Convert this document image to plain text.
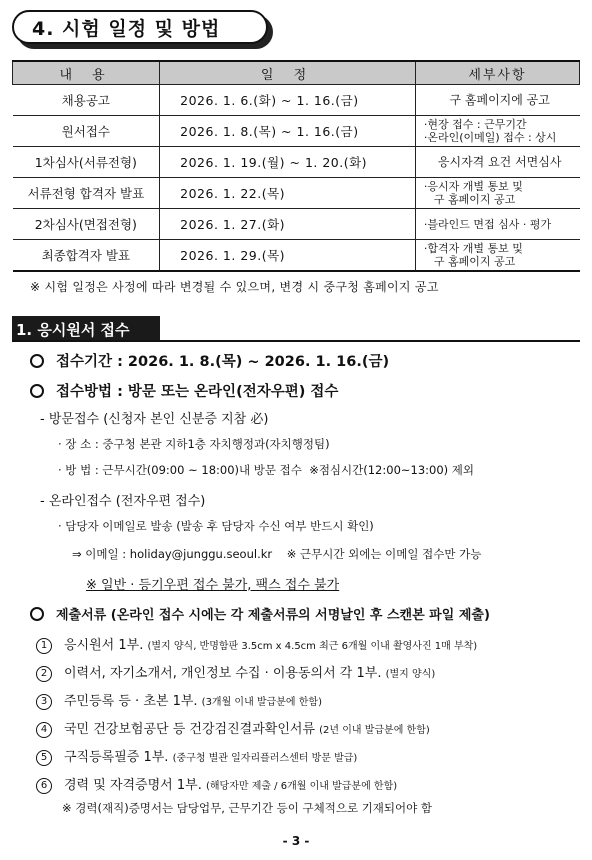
4. 시험 일정 및 방법
내 용	일 정	세부사항
채용공고	2026. 1. 6.(화) ~ 1. 16.(금)	구 홈페이지에 공고
원서접수	2026. 1. 8.(목) ~ 1. 16.(금)	·현장 접수 : 근무기간
·온라인(이메일) 접수 : 상시

1차심사(서류전형)	2026. 1. 19.(월) ~ 1. 20.(화)	응시자격 요건 서면심사
서류전형 합격자 발표	2026. 1. 22.(목)	·응시자 개별 통보 및
구 홈페이지 공고

2차심사(면접전형)	2026. 1. 27.(화)	·블라인드 면접 심사 · 평가

최종합격자 발표	2026. 1. 29.(목)	·합격자 개별 통보 및
구 홈페이지 공고
※ 시험 일정은 사정에 따라 변경될 수 있으며, 변경 시 중구청 홈페이지 공고
1. 응시원서 접수
접수기간 : 2026. 1. 8.(목) ~ 2026. 1. 16.(금)
접수방법 : 방문 또는 온라인(전자우편) 접수
- 방문접수 (신청자 본인 신분증 지참 必)
· 장 소 : 중구청 본관 지하1층 자치행정과(자치행정팀)
· 방 법 : 근무시간(09:00 ~ 18:00)내 방문 접수 ※점심시간(12:00~13:00) 제외
- 온라인접수 (전자우편 접수)
· 담당자 이메일로 발송 (발송 후 담당자 수신 여부 반드시 확인)
⇒ 이메일 : holiday@junggu.seoul.kr ※ 근무시간 외에는 이메일 접수만 가능
※ 일반 · 등기우편 접수 불가, 팩스 접수 불가
제출서류 (온라인 접수 시에는 각 제출서류의 서명날인 후 스캔본 파일 제출)
1 응시원서 1부. (별지 양식, 반명함판 3.5cm x 4.5cm 최근 6개월 이내 촬영사진 1매 부착)
2 이력서, 자기소개서, 개인정보 수집 · 이용동의서 각 1부. (별지 양식)
3 주민등록 등 · 초본 1부. (3개월 이내 발급분에 한함)
4 국민 건강보험공단 등 건강검진결과확인서류 (2년 이내 발급분에 한함)
5 구직등록필증 1부. (중구청 별관 일자리플러스센터 방문 발급)
6 경력 및 자격증명서 1부. (해당자만 제출 / 6개월 이내 발급분에 한함)
※ 경력(재직)증명서는 담당업무, 근무기간 등이 구체적으로 기재되어야 함
- 3 -
